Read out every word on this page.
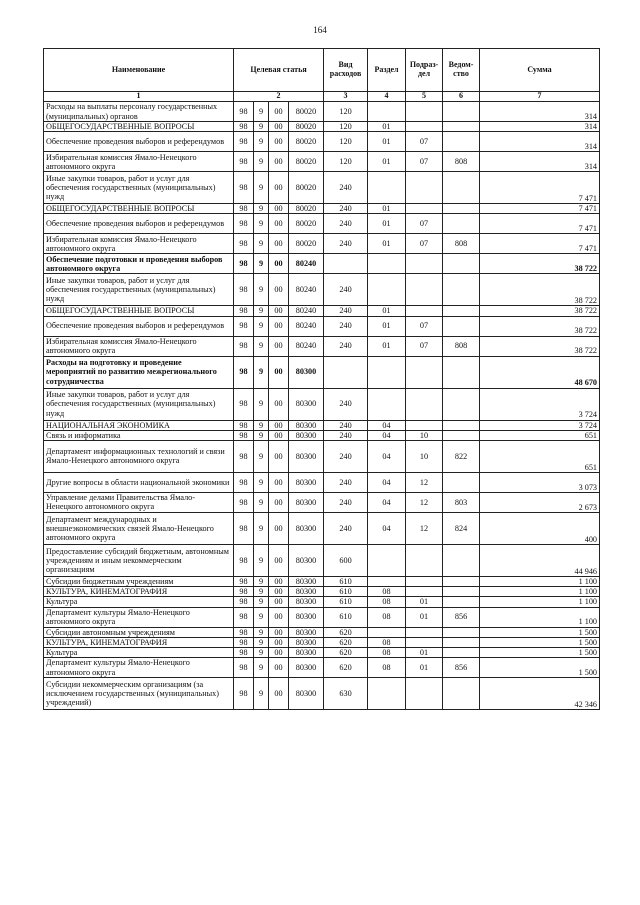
164
Наименование	Целевая статья				Вид расходов	Раздел	Подраз-дел	Ведом-ство	Сумма
1	2				3	4	5	6	7
Расходы на выплаты персоналу государственных (муниципальных) органов	98	9	00	80020	120				314
ОБЩЕГОСУДАРСТВЕННЫЕ ВОПРОСЫ	98	9	00	80020	120	01			314
Обеспечение проведения выборов и референдумов	98	9	00	80020	120	01	07		314
Избирательная комиссия Ямало-Ненецкого автономного округа	98	9	00	80020	120	01	07	808	314
Иные закупки товаров, работ и услуг для обеспечения государственных (муниципальных) нужд	98	9	00	80020	240				7 471
ОБЩЕГОСУДАРСТВЕННЫЕ ВОПРОСЫ	98	9	00	80020	240	01			7 471
Обеспечение проведения выборов и референдумов	98	9	00	80020	240	01	07		7 471
Избирательная комиссия Ямало-Ненецкого автономного округа	98	9	00	80020	240	01	07	808	7 471
Обеспечение подготовки и проведения выборов автономного округа	98	9	00	80240					38 722
Иные закупки товаров, работ и услуг для обеспечения государственных (муниципальных) нужд	98	9	00	80240	240				38 722
ОБЩЕГОСУДАРСТВЕННЫЕ ВОПРОСЫ	98	9	00	80240	240	01			38 722
Обеспечение проведения выборов и референдумов	98	9	00	80240	240	01	07		38 722
Избирательная комиссия Ямало-Ненецкого автономного округа	98	9	00	80240	240	01	07	808	38 722
Расходы на подготовку и проведение мероприятий по развитию межрегионального сотрудничества	98	9	00	80300					48 670
Иные закупки товаров, работ и услуг для обеспечения государственных (муниципальных) нужд	98	9	00	80300	240				3 724
НАЦИОНАЛЬНАЯ ЭКОНОМИКА	98	9	00	80300	240	04			3 724
Связь и информатика	98	9	00	80300	240	04	10		651
Департамент информационных технологий и связи Ямало-Ненецкого автономного округа	98	9	00	80300	240	04	10	822	651
Другие вопросы в области национальной экономики	98	9	00	80300	240	04	12		3 073
Управление делами Правительства Ямало-Ненецкого автономного округа	98	9	00	80300	240	04	12	803	2 673
Департамент международных и внешнеэкономических связей Ямало-Ненецкого автономного округа	98	9	00	80300	240	04	12	824	400
Предоставление субсидий бюджетным, автономным учреждениям и иным некоммерческим организациям	98	9	00	80300	600				44 946
Субсидии бюджетным учреждениям	98	9	00	80300	610				1 100
КУЛЬТУРА, КИНЕМАТОГРАФИЯ	98	9	00	80300	610	08			1 100
Культура	98	9	00	80300	610	08	01		1 100
Департамент культуры Ямало-Ненецкого автономного округа	98	9	00	80300	610	08	01	856	1 100
Субсидии автономным учреждениям	98	9	00	80300	620				1 500
КУЛЬТУРА, КИНЕМАТОГРАФИЯ	98	9	00	80300	620	08			1 500
Культура	98	9	00	80300	620	08	01		1 500
Департамент культуры Ямало-Ненецкого автономного округа	98	9	00	80300	620	08	01	856	1 500
Субсидии некоммерческим организациям (за исключением государственных (муниципальных) учреждений)	98	9	00	80300	630				42 346
